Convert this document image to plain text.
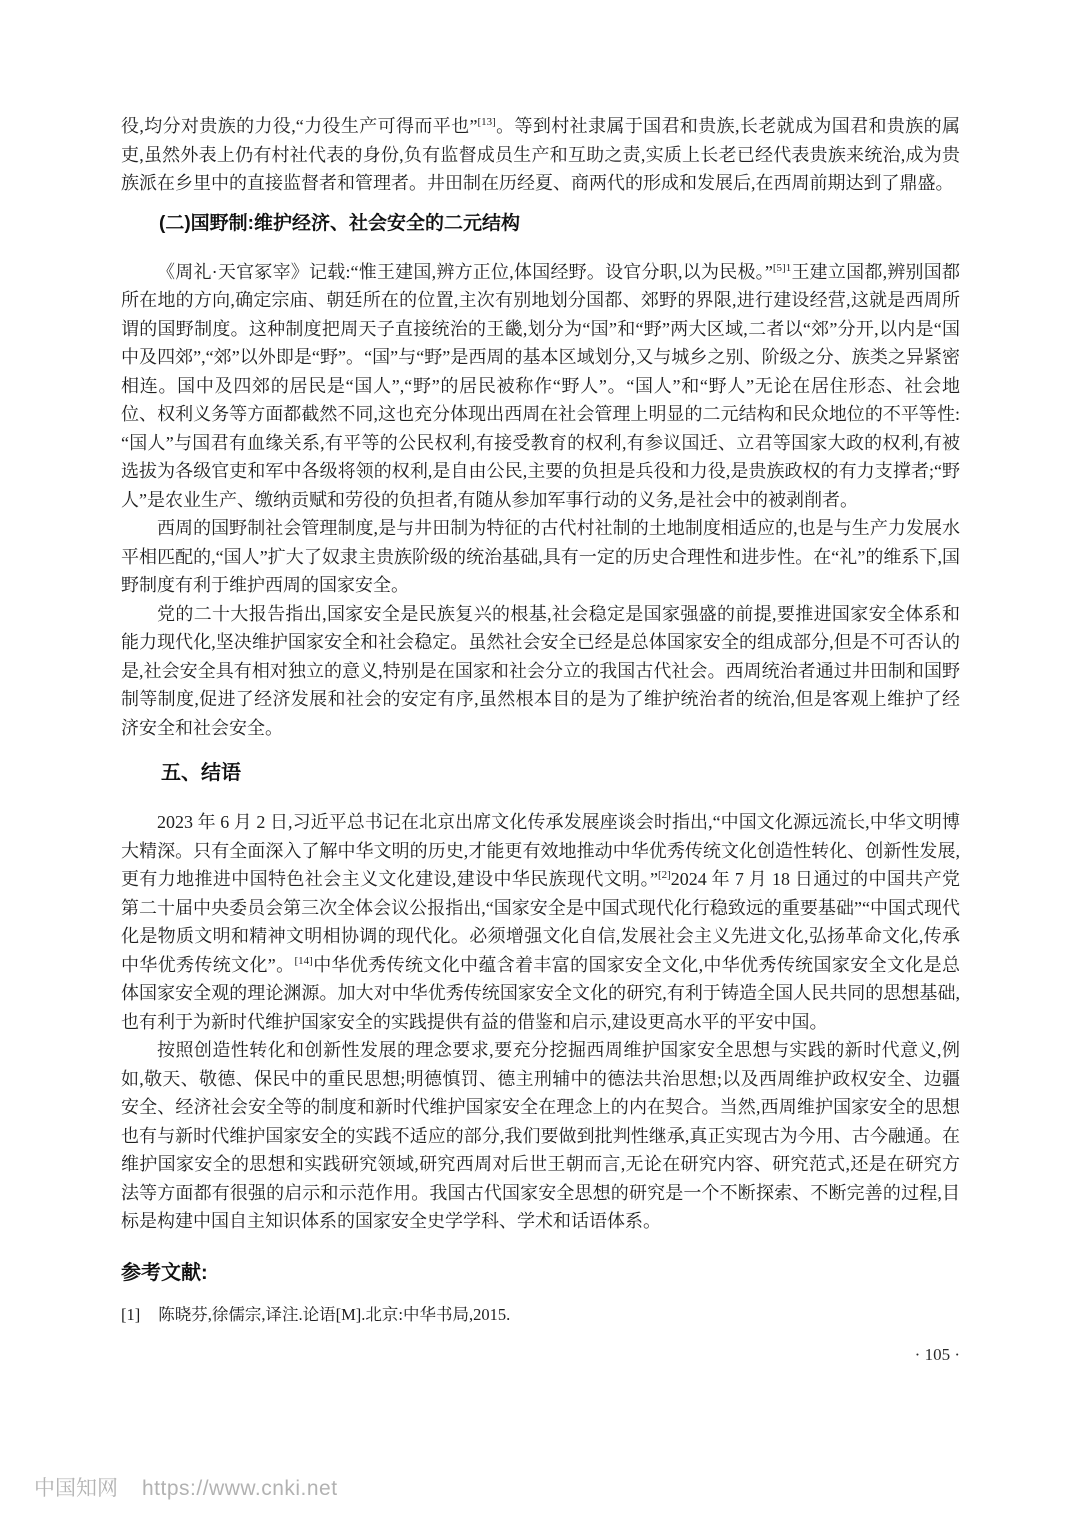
役,均分对贵族的力役,“力役生产可得而平也”[13]。等到村社隶属于国君和贵族,长老就成为国君和贵族的属吏,虽然外表上仍有村社代表的身份,负有监督成员生产和互助之责,实质上长老已经代表贵族来统治,成为贵族派在乡里中的直接监督者和管理者。井田制在历经夏、商两代的形成和发展后,在西周前期达到了鼎盛。

(二)国野制:维护经济、社会安全的二元结构

《周礼·天官冢宰》记载:“惟王建国,辨方正位,体国经野。设官分职,以为民极。”$^{[5]1}$王建立国都,辨别国都所在地的方向,确定宗庙、朝廷所在的位置,主次有别地划分国都、郊野的界限,进行建设经营,这就是西周所谓的国野制度。这种制度把周天子直接统治的王畿,划分为“国”和“野”两大区域,二者以“郊”分开,以内是“国中及四郊”,“郊”以外即是“野”。“国”与“野”是西周的基本区域划分,又与城乡之别、阶级之分、族类之异紧密相连。国中及四郊的居民是“国人”,“野”的居民被称作“野人”。“国人”和“野人”无论在居住形态、社会地位、权利义务等方面都截然不同,这也充分体现出西周在社会管理上明显的二元结构和民众地位的不平等性:“国人”与国君有血缘关系,有平等的公民权利,有接受教育的权利,有参议国迁、立君等国家大政的权利,有被选拔为各级官吏和军中各级将领的权利,是自由公民,主要的负担是兵役和力役,是贵族政权的有力支撑者;“野人”是农业生产、缴纳贡赋和劳役的负担者,有随从参加军事行动的义务,是社会中的被剥削者。

西周的国野制社会管理制度,是与井田制为特征的古代村社制的土地制度相适应的,也是与生产力发展水平相匹配的,“国人”扩大了奴隶主贵族阶级的统治基础,具有一定的历史合理性和进步性。在“礼”的维系下,国野制度有利于维护西周的国家安全。

党的二十大报告指出,国家安全是民族复兴的根基,社会稳定是国家强盛的前提,要推进国家安全体系和能力现代化,坚决维护国家安全和社会稳定。虽然社会安全已经是总体国家安全的组成部分,但是不可否认的是,社会安全具有相对独立的意义,特别是在国家和社会分立的我国古代社会。西周统治者通过井田制和国野制等制度,促进了经济发展和社会的安定有序,虽然根本目的是为了维护统治者的统治,但是客观上维护了经济安全和社会安全。

五、结语

2023 年 6 月 2 日,习近平总书记在北京出席文化传承发展座谈会时指出,“中国文化源远流长,中华文明博大精深。只有全面深入了解中华文明的历史,才能更有效地推动中华优秀传统文化创造性转化、创新性发展,更有力地推进中国特色社会主义文化建设,建设中华民族现代文明。”[2]2024 年 7 月 18 日通过的中国共产党第二十届中央委员会第三次全体会议公报指出,“国家安全是中国式现代化行稳致远的重要基础”“中国式现代化是物质文明和精神文明相协调的现代化。必须增强文化自信,发展社会主义先进文化,弘扬革命文化,传承中华优秀传统文化”。[14]中华优秀传统文化中蕴含着丰富的国家安全文化,中华优秀传统国家安全文化是总体国家安全观的理论渊源。加大对中华优秀传统国家安全文化的研究,有利于铸造全国人民共同的思想基础,也有利于为新时代维护国家安全的实践提供有益的借鉴和启示,建设更高水平的平安中国。

按照创造性转化和创新性发展的理念要求,要充分挖掘西周维护国家安全思想与实践的新时代意义,例如,敬天、敬德、保民中的重民思想;明德慎罚、德主刑辅中的德法共治思想;以及西周维护政权安全、边疆安全、经济社会安全等的制度和新时代维护国家安全在理念上的内在契合。当然,西周维护国家安全的思想也有与新时代维护国家安全的实践不适应的部分,我们要做到批判性继承,真正实现古为今用、古今融通。在维护国家安全的思想和实践研究领域,研究西周对后世王朝而言,无论在研究内容、研究范式,还是在研究方法等方面都有很强的启示和示范作用。我国古代国家安全思想的研究是一个不断探索、不断完善的过程,目标是构建中国自主知识体系的国家安全史学学科、学术和话语体系。

参考文献:

[1] 陈晓芬,徐儒宗,译注.论语[M].北京:中华书局,2015.

· 105 ·
中国知网 https://www.cnki.net
